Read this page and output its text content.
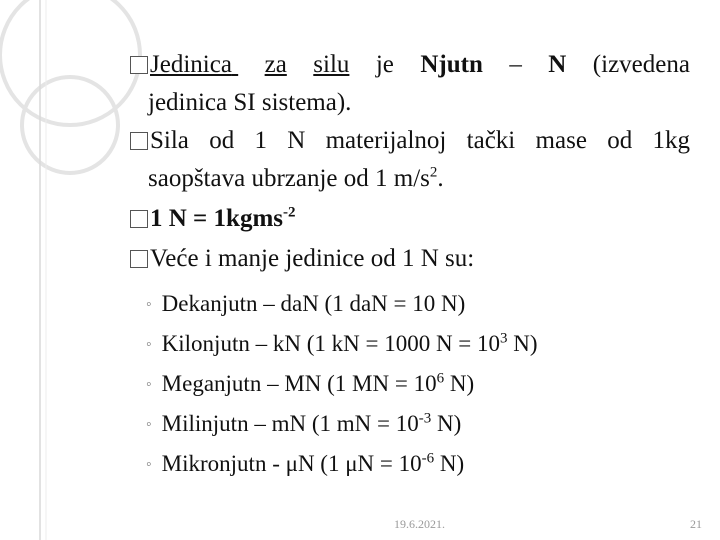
Jedinica za silu je Njutn – N (izvedena
jedinica SI sistema).
Sila od 1 N materijalnoj tački mase od 1kg
saopštava ubrzanje od 1 $m/s^2$.
1 N = 1kgms$^{-2}$
Veće i manje jedinice od 1 N su:
◦ Dekanjutn – daN (1 daN = 10 N)
◦ Kilonjutn – kN (1 kN = 1000 $N = 10^3$ N)
◦ Meganjutn – MN (1 MN = $10^6$ N)
◦ Milinjutn – mN (1 mN = $10^{-3}$ N)
◦ Mikronjutn - μN (1 $\mu N = 10^{-6}$ N)
19.6.2021.	21
